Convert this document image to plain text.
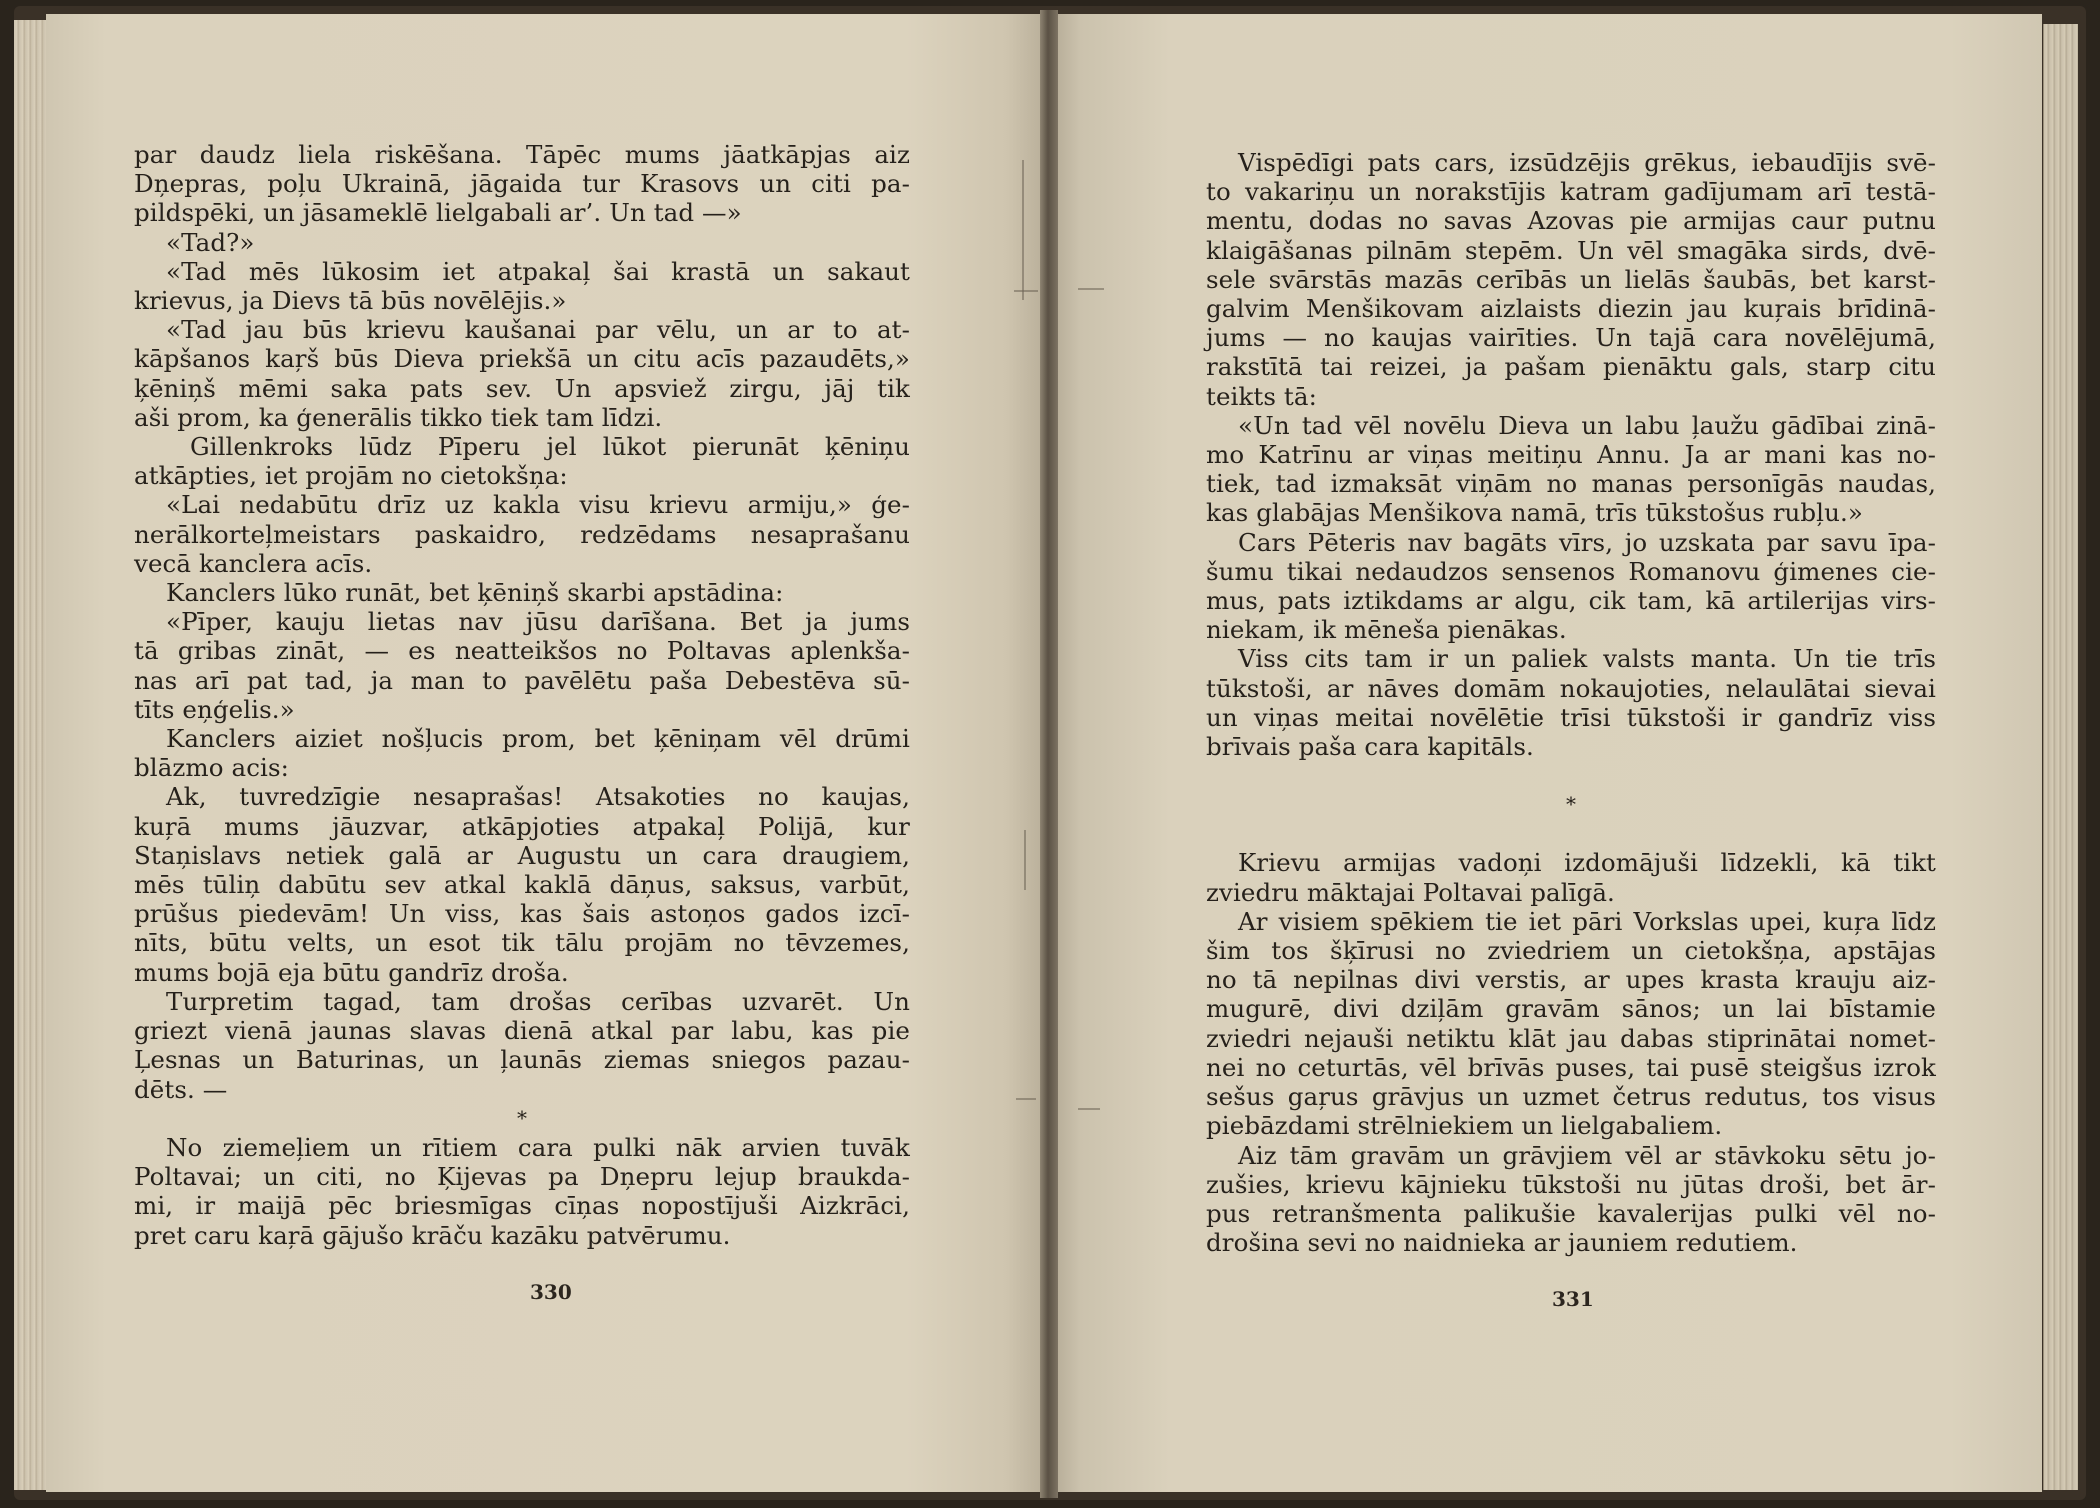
par daudz liela riskēšana. Tāpēc mums jāatkāpjas aiz
Dņepras, poļu Ukrainā, jāgaida tur Krasovs un citi pa-
pildspēki, un jāsameklē lielgabali ar’. Un tad —»
«Tad?»
«Tad mēs lūkosim iet atpakaļ šai krastā un sakaut
krievus, ja Dievs tā būs novēlējis.»
«Tad jau būs krievu kaušanai par vēlu, un ar to at-
kāpšanos kaŗš būs Dieva priekšā un citu acīs pazaudēts,»
ķēniņš mēmi saka pats sev. Un apsviež zirgu, jāj tik
aši prom, ka ģenerālis tikko tiek tam līdzi.
Gillenkroks lūdz Pīperu jel lūkot pierunāt ķēniņu
atkāpties, iet projām no cietokšņa:
«Lai nedabūtu drīz uz kakla visu krievu armiju,» ģe-
nerālkorteļmeistars paskaidro, redzēdams nesaprašanu
vecā kanclera acīs.
Kanclers lūko runāt, bet ķēniņš skarbi apstādina:
«Pīper, kauju lietas nav jūsu darīšana. Bet ja jums
tā gribas zināt, — es neatteikšos no Poltavas aplenkša-
nas arī pat tad, ja man to pavēlētu paša Debestēva sū-
tīts eņģelis.»
Kanclers aiziet nošļucis prom, bet ķēniņam vēl drūmi
blāzmo acis:
Ak, tuvredzīgie nesaprašas! Atsakoties no kaujas,
kuŗā mums jāuzvar, atkāpjoties atpakaļ Polijā, kur
Staņislavs netiek galā ar Augustu un cara draugiem,
mēs tūliņ dabūtu sev atkal kaklā dāņus, saksus, varbūt,
prūšus piedevām! Un viss, kas šais astoņos gados izcī-
nīts, būtu velts, un esot tik tālu projām no tēvzemes,
mums bojā eja būtu gandrīz droša.
Turpretim tagad, tam drošas cerības uzvarēt. Un
griezt vienā jaunas slavas dienā atkal par labu, kas pie
Ļesnas un Baturinas, un ļaunās ziemas sniegos pazau-
dēts. —
*
No ziemeļiem un rītiem cara pulki nāk arvien tuvāk
Poltavai; un citi, no Ķijevas pa Dņepru lejup braukda-
mi, ir maijā pēc briesmīgas cīņas nopostījuši Aizkrāci,
pret caru kaŗā gājušo krāču kazāku patvērumu.
330
Vispēdīgi pats cars, izsūdzējis grēkus, iebaudījis svē-
to vakariņu un norakstījis katram gadījumam arī testā-
mentu, dodas no savas Azovas pie armijas caur putnu
klaigāšanas pilnām stepēm. Un vēl smagāka sirds, dvē-
sele svārstās mazās cerībās un lielās šaubās, bet karst-
galvim Menšikovam aizlaists diezin jau kuŗais brīdinā-
jums — no kaujas vairīties. Un tajā cara novēlējumā,
rakstītā tai reizei, ja pašam pienāktu gals, starp citu
teikts tā:
«Un tad vēl novēlu Dieva un labu ļaužu gādībai zinā-
mo Katrīnu ar viņas meitiņu Annu. Ja ar mani kas no-
tiek, tad izmaksāt viņām no manas personīgās naudas,
kas glabājas Menšikova namā, trīs tūkstošus rubļu.»
Cars Pēteris nav bagāts vīrs, jo uzskata par savu īpa-
šumu tikai nedaudzos sensenos Romanovu ģimenes cie-
mus, pats iztikdams ar algu, cik tam, kā artilerijas virs-
niekam, ik mēneša pienākas.
Viss cits tam ir un paliek valsts manta. Un tie trīs
tūkstoši, ar nāves domām nokaujoties, nelaulātai sievai
un viņas meitai novēlētie trīsi tūkstoši ir gandrīz viss
brīvais paša cara kapitāls.
*
Krievu armijas vadoņi izdomājuši līdzekli, kā tikt
zviedru māktajai Poltavai palīgā.
Ar visiem spēkiem tie iet pāri Vorkslas upei, kuŗa līdz
šim tos šķīrusi no zviedriem un cietokšņa, apstājas
no tā nepilnas divi verstis, ar upes krasta krauju aiz-
mugurē, divi dziļām gravām sānos; un lai bīstamie
zviedri nejauši netiktu klāt jau dabas stiprinātai nomet-
nei no ceturtās, vēl brīvās puses, tai pusē steigšus izrok
sešus gaŗus grāvjus un uzmet četrus redutus, tos visus
piebāzdami strēlniekiem un lielgabaliem.
Aiz tām gravām un grāvjiem vēl ar stāvkoku sētu jo-
zušies, krievu kājnieku tūkstoši nu jūtas droši, bet ār-
pus retranšmenta palikušie kavalerijas pulki vēl no-
drošina sevi no naidnieka ar jauniem redutiem.
331
